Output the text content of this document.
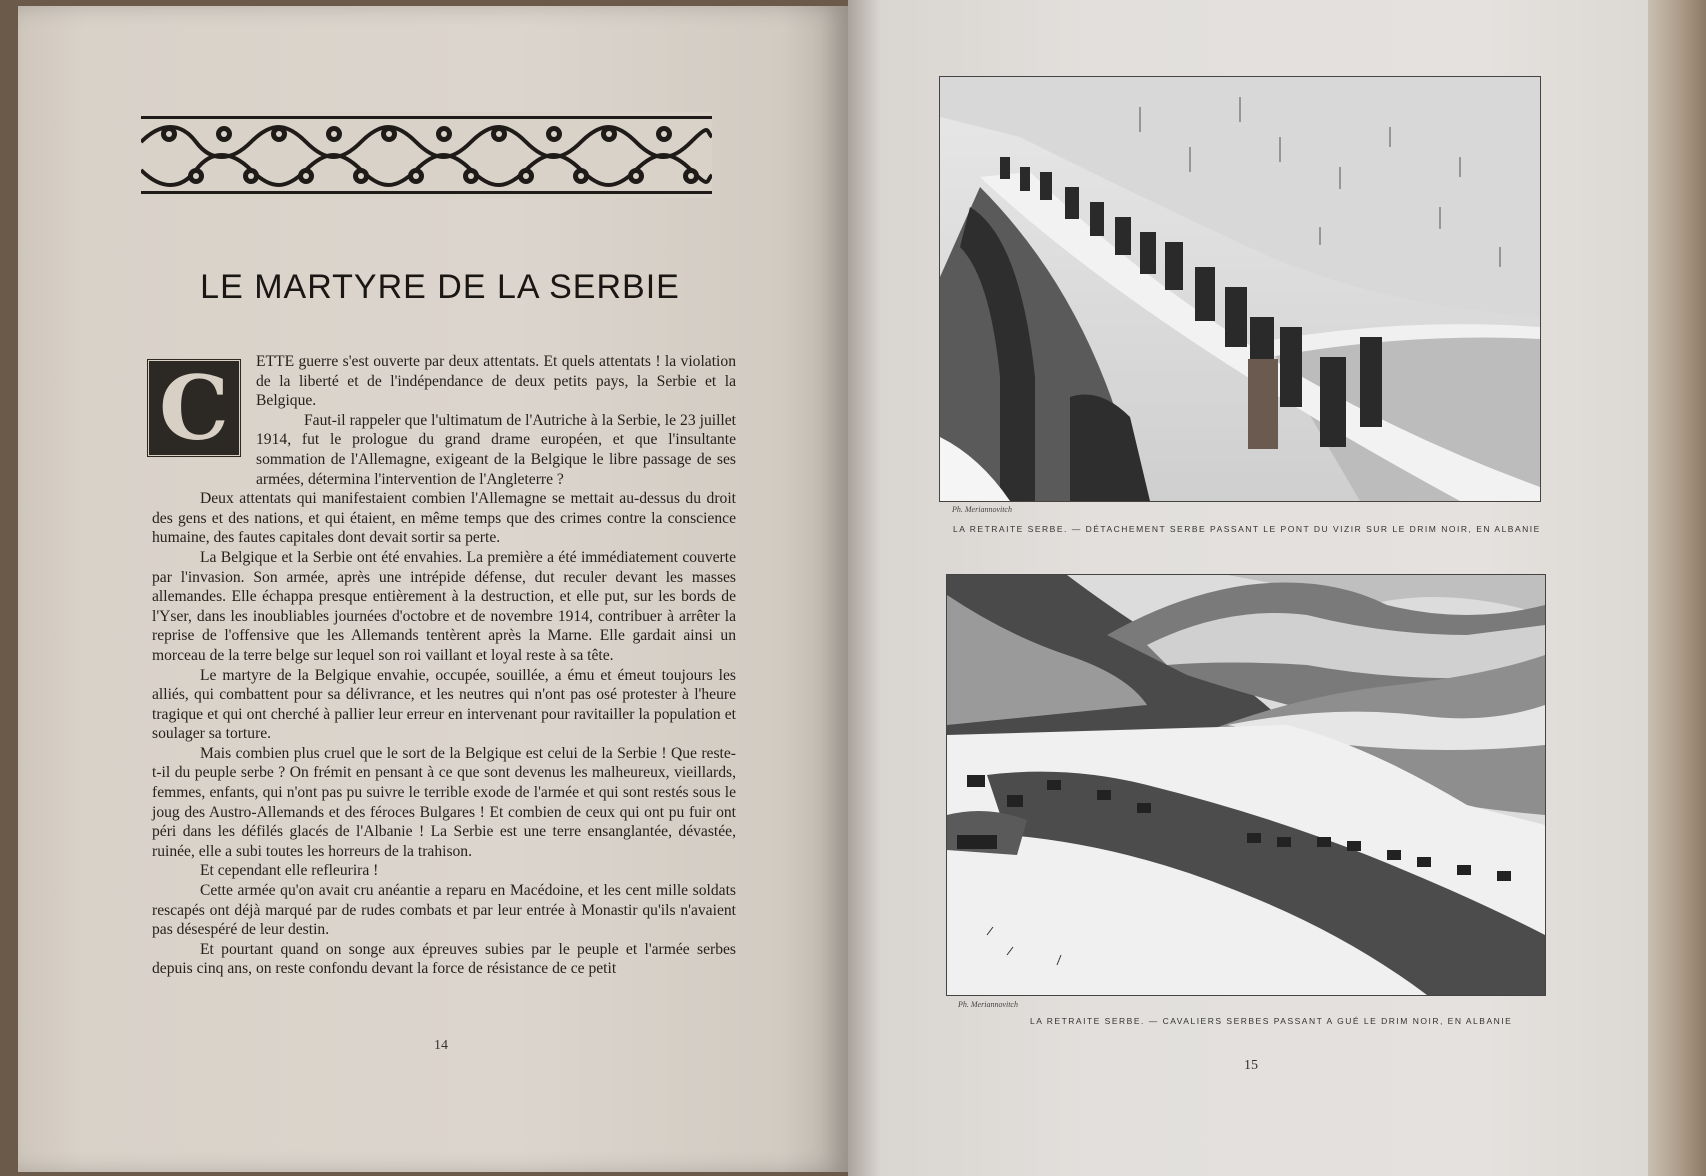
LE MARTYRE DE LA SERBIE
C	ETTE guerre s'est ouverte par deux attentats. Et quels attentats ! la violation de la liberté et de l'indépendance de deux petits pays, la Serbie et la Belgique.

Faut-il rappeler que l'ultimatum de l'Autriche à la Serbie, le 23 juillet 1914, fut le prologue du grand drame européen, et que l'insultante sommation de l'Allemagne, exigeant de la Belgique le libre passage de ses armées, détermina l'intervention de l'Angleterre ?

Deux attentats qui manifestaient combien l'Allemagne se mettait au-dessus du droit des gens et des nations, et qui étaient, en même temps que des crimes contre la conscience humaine, des fautes capitales dont devait sortir sa perte.

La Belgique et la Serbie ont été envahies. La première a été immédiatement couverte par l'invasion. Son armée, après une intrépide défense, dut reculer devant les masses allemandes. Elle échappa presque entièrement à la destruction, et elle put, sur les bords de l'Yser, dans les inoubliables journées d'octobre et de novembre 1914, contribuer à arrêter la reprise de l'offensive que les Allemands tentèrent après la Marne. Elle gardait ainsi un morceau de la terre belge sur lequel son roi vaillant et loyal reste à sa tête.

Le martyre de la Belgique envahie, occupée, souillée, a ému et émeut toujours les alliés, qui combattent pour sa délivrance, et les neutres qui n'ont pas osé protester à l'heure tragique et qui ont cherché à pallier leur erreur en intervenant pour ravitailler la population et soulager sa torture.

Mais combien plus cruel que le sort de la Belgique est celui de la Serbie ! Que reste-t-il du peuple serbe ? On frémit en pensant à ce que sont devenus les malheureux, vieillards, femmes, enfants, qui n'ont pas pu suivre le terrible exode de l'armée et qui sont restés sous le joug des Austro-Allemands et des féroces Bulgares ! Et combien de ceux qui ont pu fuir ont péri dans les défilés glacés de l'Albanie ! La Serbie est une terre ensanglantée, dévastée, ruinée, elle a subi toutes les horreurs de la trahison.

Et cependant elle refleurira !

Cette armée qu'on avait cru anéantie a reparu en Macédoine, et les cent mille soldats rescapés ont déjà marqué par de rudes combats et par leur entrée à Monastir qu'ils n'avaient pas désespéré de leur destin.

Et pourtant quand on songe aux épreuves subies par le peuple et l'armée serbes depuis cinq ans, on reste confondu devant la force de résistance de ce petit

14
Ph. Meriannovitch
LA RETRAITE SERBE. — DÉTACHEMENT SERBE PASSANT LE PONT DU VIZIR SUR LE DRIM NOIR, EN ALBANIE
Ph. Meriannovitch
LA RETRAITE SERBE. — CAVALIERS SERBES PASSANT A GUÉ LE DRIM NOIR, EN ALBANIE
15
